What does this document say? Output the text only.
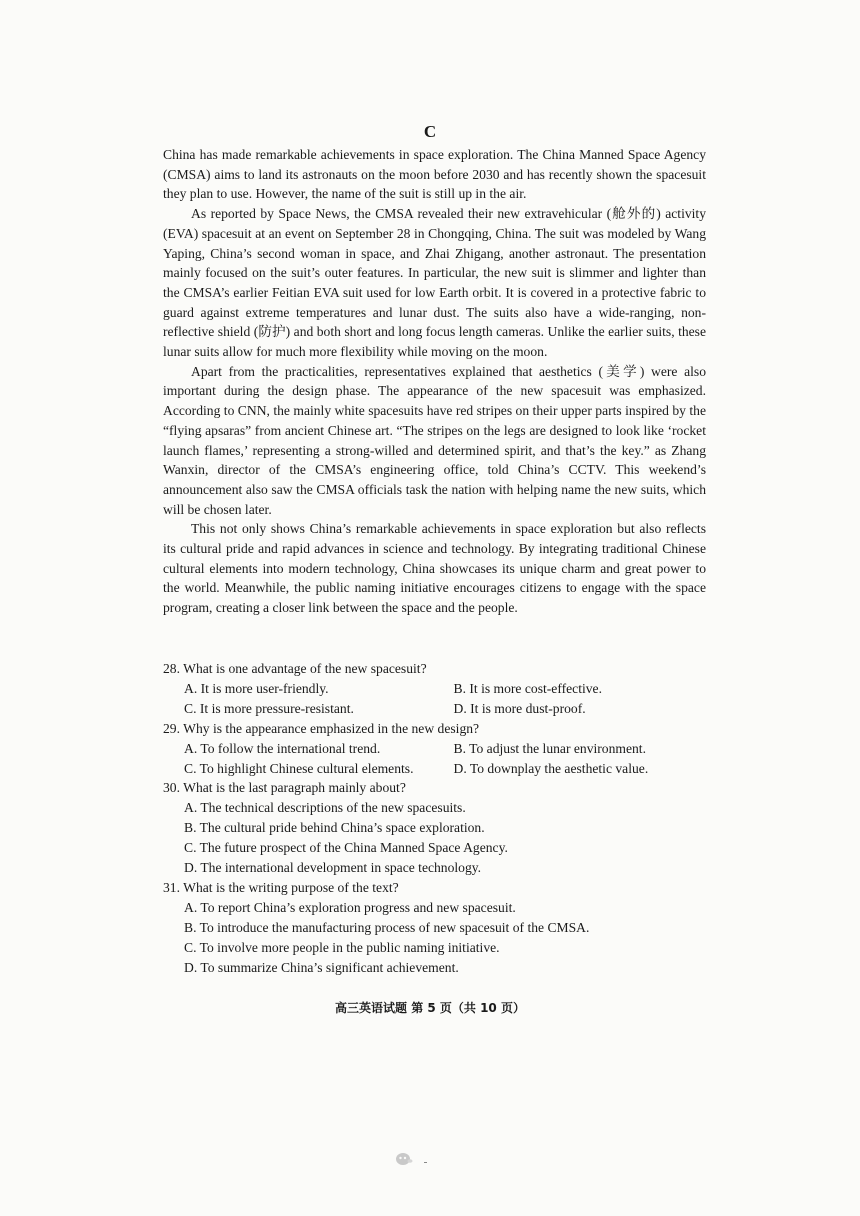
C

China has made remarkable achievements in space exploration. The China Manned Space Agency (CMSA) aims to land its astronauts on the moon before 2030 and has recently shown the spacesuit they plan to use. However, the name of the suit is still up in the air.

As reported by Space News, the CMSA revealed their new extravehicular (舱外的) activity (EVA) spacesuit at an event on September 28 in Chongqing, China. The suit was modeled by Wang Yaping, China’s second woman in space, and Zhai Zhigang, another astronaut. The presentation mainly focused on the suit’s outer features. In particular, the new suit is slimmer and lighter than the CMSA’s earlier Feitian EVA suit used for low Earth orbit. It is covered in a protective fabric to guard against extreme temperatures and lunar dust. The suits also have a wide-ranging, non-reflective shield (防护) and both short and long focus length cameras. Unlike the earlier suits, these lunar suits allow for much more flexibility while moving on the moon.

Apart from the practicalities, representatives explained that aesthetics (美学) were also important during the design phase. The appearance of the new spacesuit was emphasized. According to CNN, the mainly white spacesuits have red stripes on their upper parts inspired by the “flying apsaras” from ancient Chinese art. “The stripes on the legs are designed to look like ‘rocket launch flames,’ representing a strong-willed and determined spirit, and that’s the key.” as Zhang Wanxin, director of the CMSA’s engineering office, told China’s CCTV. This weekend’s announcement also saw the CMSA officials task the nation with helping name the new suits, which will be chosen later.

This not only shows China’s remarkable achievements in space exploration but also reflects its cultural pride and rapid advances in science and technology. By integrating traditional Chinese cultural elements into modern technology, China showcases its unique charm and great power to the world. Meanwhile, the public naming initiative encourages citizens to engage with the space program, creating a closer link between the space and the people.

28. What is one advantage of the new spacesuit?

A. It is more user-friendly.	B. It is more cost-effective.

C. It is more pressure-resistant.	D. It is more dust-proof.

29. Why is the appearance emphasized in the new design?

A. To follow the international trend.	B. To adjust the lunar environment.

C. To highlight Chinese cultural elements.	D. To downplay the aesthetic value.

30. What is the last paragraph mainly about?

A. The technical descriptions of the new spacesuits.

B. The cultural pride behind China’s space exploration.

C. The future prospect of the China Manned Space Agency.

D. The international development in space technology.

31. What is the writing purpose of the text?

A. To report China’s exploration progress and new spacesuit.

B. To introduce the manufacturing process of new spacesuit of the CMSA.

C. To involve more people in the public naming initiative.

D. To summarize China’s significant achievement.

高三英语试题 第 5 页（共 10 页）
